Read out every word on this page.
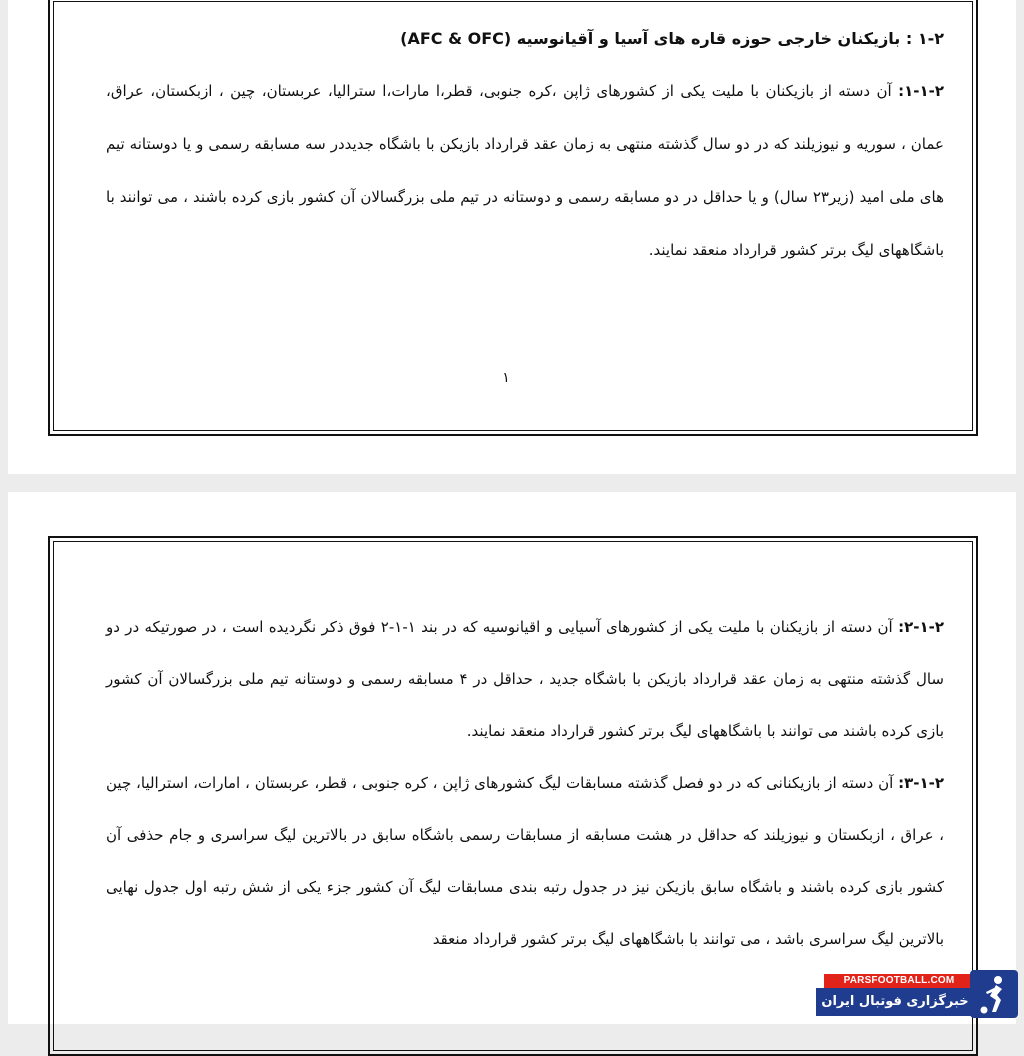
۱-۲ : بازیکنان خارجی حوزه قاره های آسیا و آقیانوسیه (AFC & OFC)

۱-۱-۲: آن دسته از بازیکنان با ملیت یکی از کشورهای ژاپن ،کره جنوبی، قطر،ا مارات،ا سترالیا، عربستان، چین ، ازبکستان، عراق، عمان ، سوریه و نیوزیلند که در دو سال گذشته منتهی به زمان عقد قرارداد بازیکن با باشگاه جدیددر سه مسابقه رسمی و یا دوستانه تیم های ملی امید (زیر۲۳ سال) و یا حداقل در دو مسابقه رسمی و دوستانه در تیم ملی بزرگسالان آن کشور بازی کرده باشند ، می توانند با باشگاههای لیگ برتر کشور قرارداد منعقد نمایند.

۱

۲-۱-۲: آن دسته از بازیکنان با ملیت یکی از کشورهای آسیایی و اقیانوسیه که در بند ۱-۱-۲ فوق ذکر نگردیده است ، در صورتیکه در دو سال گذشته منتهی به زمان عقد قرارداد بازیکن با باشگاه جدید ، حداقل در ۴ مسابقه رسمی و دوستانه تیم ملی بزرگسالان آن کشور بازی کرده باشند می توانند با باشگاههای لیگ برتر کشور قرارداد منعقد نمایند.

۳-۱-۲: آن دسته از بازیکنانی که در دو فصل گذشته مسابقات لیگ کشورهای ژاپن ، کره جنوبی ، قطر، عربستان ، امارات، استرالیا، چین ، عراق ، ازبکستان و نیوزیلند که حداقل در هشت مسابقه از مسابقات رسمی باشگاه سابق در بالاترین لیگ سراسری و جام حذفی آن کشور بازی کرده باشند و باشگاه سابق بازیکن نیز در جدول رتبه بندی مسابقات لیگ آن کشور جزء یکی از شش رتبه اول جدول نهایی بالاترین لیگ سراسری باشد ، می توانند با باشگاههای لیگ برتر کشور قرارداد منعقد

PARSFOOTBALL.COM
خبرگزاری فوتبال ایران
